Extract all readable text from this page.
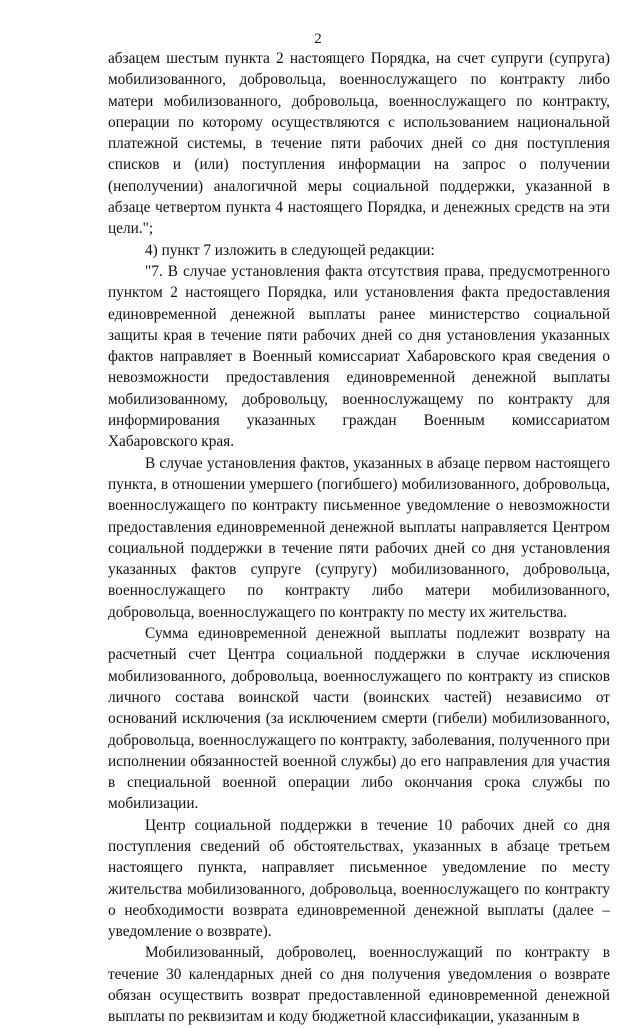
2

абзацем шестым пункта 2 настоящего Порядка, на счет супруги (супруга) мобилизованного, добровольца, военнослужащего по контракту либо матери мобилизованного, добровольца, военнослужащего по контракту, операции по которому осуществляются с использованием национальной платежной системы, в течение пяти рабочих дней со дня поступления списков и (или) поступления информации на запрос о получении (неполучении) аналогичной меры социальной поддержки, указанной в абзаце четвертом пункта 4 настоящего Порядка, и денежных средств на эти цели.";

4) пункт 7 изложить в следующей редакции:

"7. В случае установления факта отсутствия права, предусмотренного пунктом 2 настоящего Порядка, или установления факта предоставления единовременной денежной выплаты ранее министерство социальной защиты края в течение пяти рабочих дней со дня установления указанных фактов направляет в Военный комиссариат Хабаровского края сведения о невозможности предоставления единовременной денежной выплаты мобилизованному, добровольцу, военнослужащему по контракту для информирования указанных граждан Военным комиссариатом Хабаровского края.

В случае установления фактов, указанных в абзаце первом настоящего пункта, в отношении умершего (погибшего) мобилизованного, добровольца, военнослужащего по контракту письменное уведомление о невозможности предоставления единовременной денежной выплаты направляется Центром социальной поддержки в течение пяти рабочих дней со дня установления указанных фактов супруге (супругу) мобилизованного, добровольца, военнослужащего по контракту либо матери мобилизованного, добровольца, военнослужащего по контракту по месту их жительства.

Сумма единовременной денежной выплаты подлежит возврату на расчетный счет Центра социальной поддержки в случае исключения мобилизованного, добровольца, военнослужащего по контракту из списков личного состава воинской части (воинских частей) независимо от оснований исключения (за исключением смерти (гибели) мобилизованного, добровольца, военнослужащего по контракту, заболевания, полученного при исполнении обязанностей военной службы) до его направления для участия в специальной военной операции либо окончания срока службы по мобилизации.

Центр социальной поддержки в течение 10 рабочих дней со дня поступления сведений об обстоятельствах, указанных в абзаце третьем настоящего пункта, направляет письменное уведомление по месту жительства мобилизованного, добровольца, военнослужащего по контракту о необходимости возврата единовременной денежной выплаты (далее – уведомление о возврате).

Мобилизованный, доброволец, военнослужащий по контракту в течение 30 календарных дней со дня получения уведомления о возврате обязан осуществить возврат предоставленной единовременной денежной выплаты по реквизитам и коду бюджетной классификации, указанным в
